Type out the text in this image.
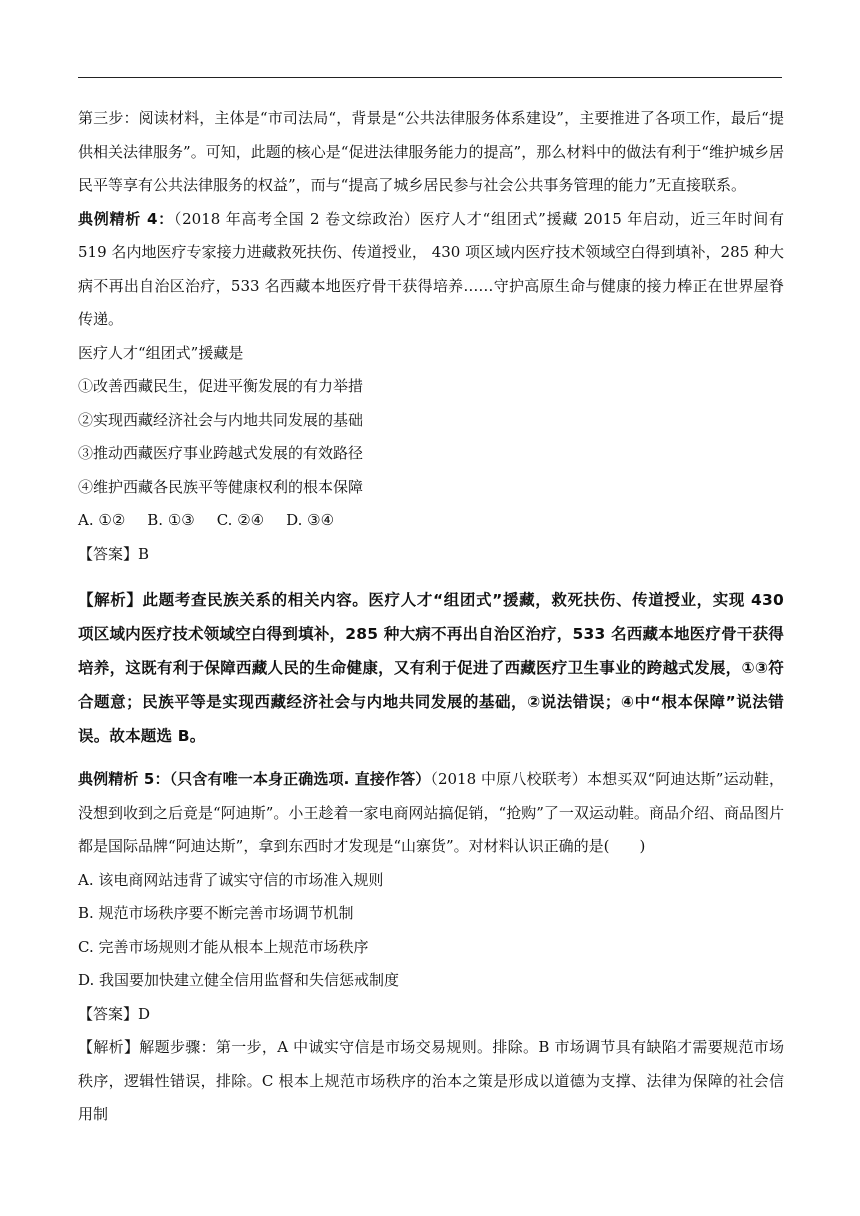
第三步：阅读材料，主体是“市司法局“，背景是“公共法律服务体系建设”，主要推进了各项工作，最后“提供相关法律服务”。可知，此题的核心是“促进法律服务能力的提高”，那么材料中的做法有利于“维护城乡居民平等享有公共法律服务的权益”，而与“提高了城乡居民参与社会公共事务管理的能力”无直接联系。

典例精析 4：（2018 年高考全国 2 卷文综政治）医疗人才“组团式”援藏 2015 年启动，近三年时间有 519 名内地医疗专家接力进藏救死扶伤、传道授业， 430 项区域内医疗技术领域空白得到填补，285 种大病不再出自治区治疗，533 名西藏本地医疗骨干获得培养……守护高原生命与健康的接力棒正在世界屋脊传递。

医疗人才“组团式”援藏是

①改善西藏民生，促进平衡发展的有力举措

②实现西藏经济社会与内地共同发展的基础

③推动西藏医疗事业跨越式发展的有效路径

④维护西藏各民族平等健康权利的根本保障

A. ①② B. ①③ C. ②④ D. ③④

【答案】B

【解析】此题考查民族关系的相关内容。医疗人才“组团式”援藏，救死扶伤、传道授业，实现 430 项区域内医疗技术领域空白得到填补，285 种大病不再出自治区治疗，533 名西藏本地医疗骨干获得培养，这既有利于保障西藏人民的生命健康，又有利于促进了西藏医疗卫生事业的跨越式发展，①③符合题意；民族平等是实现西藏经济社会与内地共同发展的基础，②说法错误；④中“根本保障”说法错误。故本题选 B。

典例精析 5：（只含有唯一本身正确选项. 直接作答）（2018 中原八校联考）本想买双“阿迪达斯”运动鞋，没想到收到之后竟是“阿迪斯”。小王趁着一家电商网站搞促销，“抢购”了一双运动鞋。商品介绍、商品图片都是国际品牌“阿迪达斯”，拿到东西时才发现是“山寨货”。对材料认识正确的是(　　)

A. 该电商网站违背了诚实守信的市场准入规则

B. 规范市场秩序要不断完善市场调节机制

C. 完善市场规则才能从根本上规范市场秩序

D. 我国要加快建立健全信用监督和失信惩戒制度

【答案】D

【解析】解题步骤：第一步，A 中诚实守信是市场交易规则。排除。B 市场调节具有缺陷才需要规范市场秩序，逻辑性错误，排除。C 根本上规范市场秩序的治本之策是形成以道德为支撑、法律为保障的社会信用制
